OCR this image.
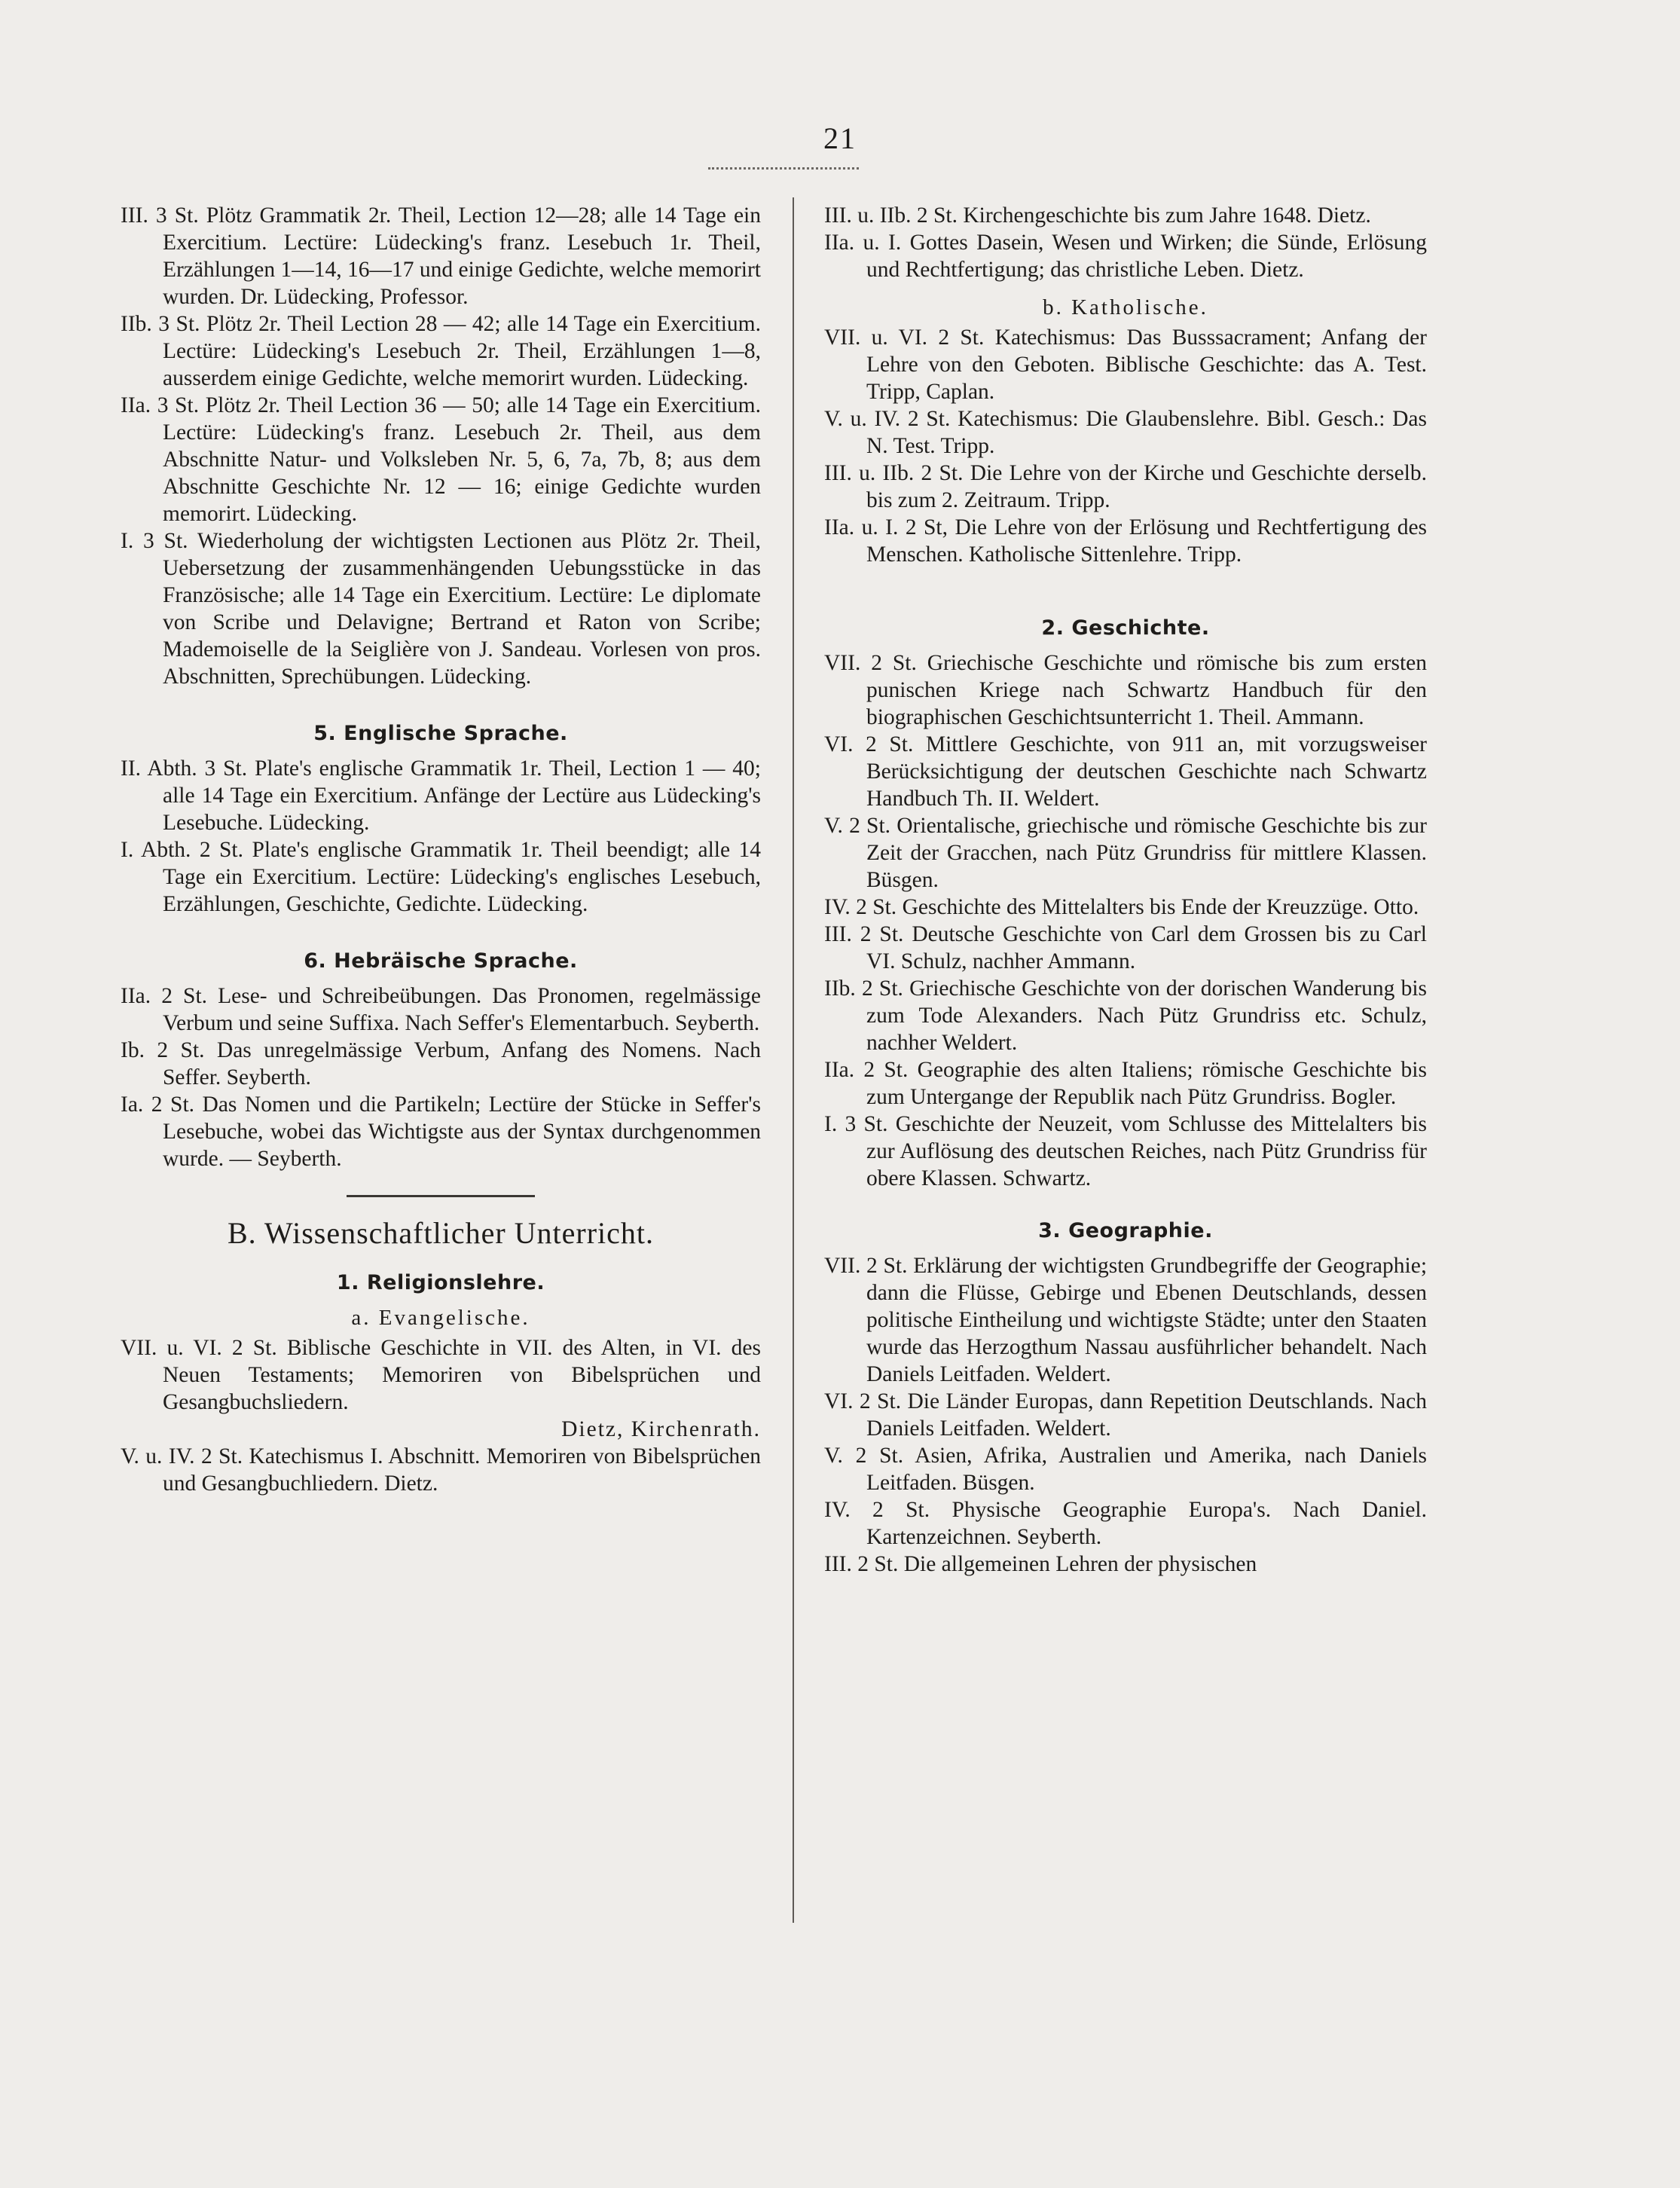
21

III. 3 St. Plötz Grammatik 2r. Theil, Lection 12—28; alle 14 Tage ein Exercitium. Lectüre: Lüdecking's franz. Lesebuch 1r. Theil, Erzählungen 1—14, 16—17 und einige Gedichte, welche memorirt wurden. Dr. Lüdecking, Professor.

IIb. 3 St. Plötz 2r. Theil Lection 28 — 42; alle 14 Tage ein Exercitium. Lectüre: Lüdecking's Lesebuch 2r. Theil, Erzählungen 1—8, ausserdem einige Gedichte, welche memorirt wurden. Lüdecking.

IIa. 3 St. Plötz 2r. Theil Lection 36 — 50; alle 14 Tage ein Exercitium. Lectüre: Lüdecking's franz. Lesebuch 2r. Theil, aus dem Abschnitte Natur- und Volksleben Nr. 5, 6, 7a, 7b, 8; aus dem Abschnitte Geschichte Nr. 12 — 16; einige Gedichte wurden memorirt. Lüdecking.

I. 3 St. Wiederholung der wichtigsten Lectionen aus Plötz 2r. Theil, Uebersetzung der zusammenhängenden Uebungsstücke in das Französische; alle 14 Tage ein Exercitium. Lectüre: Le diplomate von Scribe und Delavigne; Bertrand et Raton von Scribe; Mademoiselle de la Seiglière von J. Sandeau. Vorlesen von pros. Abschnitten, Sprechübungen. Lüdecking.

5. Englische Sprache.

II. Abth. 3 St. Plate's englische Grammatik 1r. Theil, Lection 1 — 40; alle 14 Tage ein Exercitium. Anfänge der Lectüre aus Lüdecking's Lesebuche. Lüdecking.

I. Abth. 2 St. Plate's englische Grammatik 1r. Theil beendigt; alle 14 Tage ein Exercitium. Lectüre: Lüdecking's englisches Lesebuch, Erzählungen, Geschichte, Gedichte. Lüdecking.

6. Hebräische Sprache.

IIa. 2 St. Lese- und Schreibeübungen. Das Pronomen, regelmässige Verbum und seine Suffixa. Nach Seffer's Elementarbuch. Seyberth.

Ib. 2 St. Das unregelmässige Verbum, Anfang des Nomens. Nach Seffer. Seyberth.

Ia. 2 St. Das Nomen und die Partikeln; Lectüre der Stücke in Seffer's Lesebuche, wobei das Wichtigste aus der Syntax durchgenommen wurde. — Seyberth.

B. Wissenschaftlicher Unterricht.
1. Religionslehre.
a. Evangelische.

VII. u. VI. 2 St. Biblische Geschichte in VII. des Alten, in VI. des Neuen Testaments; Memoriren von Bibelsprüchen und Gesangbuchsliedern.

Dietz, Kirchenrath.

V. u. IV. 2 St. Katechismus I. Abschnitt. Memoriren von Bibelsprüchen und Gesangbuchliedern. Dietz.

III. u. IIb. 2 St. Kirchengeschichte bis zum Jahre 1648. Dietz.

IIa. u. I. Gottes Dasein, Wesen und Wirken; die Sünde, Erlösung und Rechtfertigung; das christliche Leben. Dietz.

b. Katholische.

VII. u. VI. 2 St. Katechismus: Das Busssacrament; Anfang der Lehre von den Geboten. Biblische Geschichte: das A. Test. Tripp, Caplan.

V. u. IV. 2 St. Katechismus: Die Glaubenslehre. Bibl. Gesch.: Das N. Test. Tripp.

III. u. IIb. 2 St. Die Lehre von der Kirche und Geschichte derselb. bis zum 2. Zeitraum. Tripp.

IIa. u. I. 2 St, Die Lehre von der Erlösung und Rechtfertigung des Menschen. Katholische Sittenlehre. Tripp.

2. Geschichte.

VII. 2 St. Griechische Geschichte und römische bis zum ersten punischen Kriege nach Schwartz Handbuch für den biographischen Geschichtsunterricht 1. Theil. Ammann.

VI. 2 St. Mittlere Geschichte, von 911 an, mit vorzugsweiser Berücksichtigung der deutschen Geschichte nach Schwartz Handbuch Th. II. Weldert.

V. 2 St. Orientalische, griechische und römische Geschichte bis zur Zeit der Gracchen, nach Pütz Grundriss für mittlere Klassen. Büsgen.

IV. 2 St. Geschichte des Mittelalters bis Ende der Kreuzzüge. Otto.

III. 2 St. Deutsche Geschichte von Carl dem Grossen bis zu Carl VI. Schulz, nachher Ammann.

IIb. 2 St. Griechische Geschichte von der dorischen Wanderung bis zum Tode Alexanders. Nach Pütz Grundriss etc. Schulz, nachher Weldert.

IIa. 2 St. Geographie des alten Italiens; römische Geschichte bis zum Untergange der Republik nach Pütz Grundriss. Bogler.

I. 3 St. Geschichte der Neuzeit, vom Schlusse des Mittelalters bis zur Auflösung des deutschen Reiches, nach Pütz Grundriss für obere Klassen. Schwartz.

3. Geographie.

VII. 2 St. Erklärung der wichtigsten Grundbegriffe der Geographie; dann die Flüsse, Gebirge und Ebenen Deutschlands, dessen politische Eintheilung und wichtigste Städte; unter den Staaten wurde das Herzogthum Nassau ausführlicher behandelt. Nach Daniels Leitfaden. Weldert.

VI. 2 St. Die Länder Europas, dann Repetition Deutschlands. Nach Daniels Leitfaden. Weldert.

V. 2 St. Asien, Afrika, Australien und Amerika, nach Daniels Leitfaden. Büsgen.

IV. 2 St. Physische Geographie Europa's. Nach Daniel. Kartenzeichnen. Seyberth.

III. 2 St. Die allgemeinen Lehren der physischen
